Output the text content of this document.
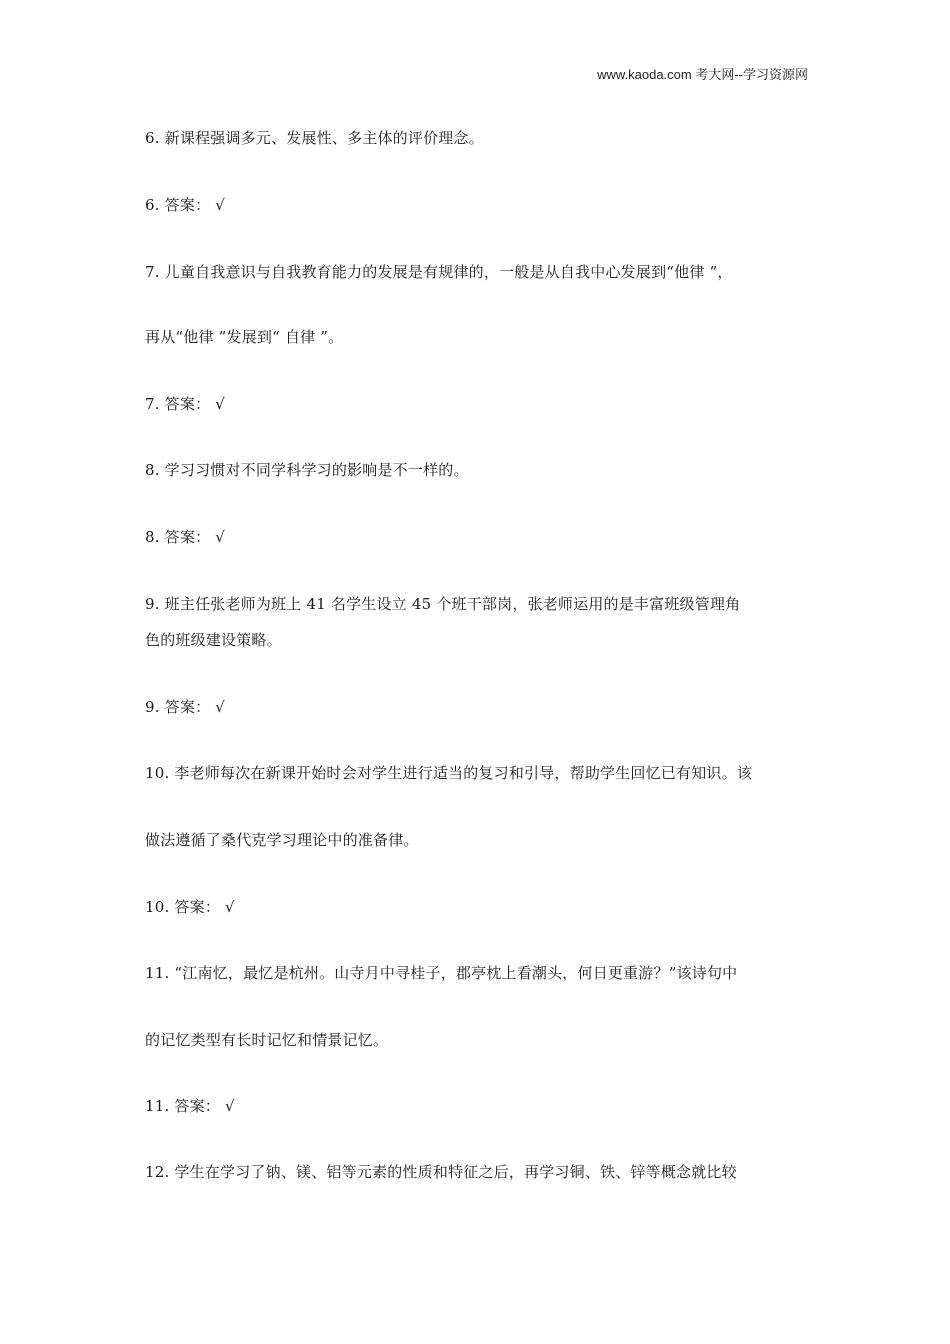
www.kaoda.com 考大网--学习资源网
6. 新课程强调多元、发展性、多主体的评价理念。
6. 答案： √
7. 儿童自我意识与自我教育能力的发展是有规律的，一般是从自我中心发展到“他律 ”，
再从“他律 ”发展到“ 自律 ”。
7. 答案： √
8. 学习习惯对不同学科学习的影响是不一样的。
8. 答案： √
9. 班主任张老师为班上 41 名学生设立 45 个班干部岗，张老师运用的是丰富班级管理角
色的班级建设策略。
9. 答案： √
10. 李老师每次在新课开始时会对学生进行适当的复习和引导，帮助学生回忆已有知识。该
做法遵循了桑代克学习理论中的准备律。
10. 答案： √
11. “江南忆，最忆是杭州。山寺月中寻桂子，郡亭枕上看潮头，何日更重游？”该诗句中
的记忆类型有长时记忆和情景记忆。
11. 答案： √
12. 学生在学习了钠、镁、铝等元素的性质和特征之后，再学习铜、铁、锌等概念就比较
